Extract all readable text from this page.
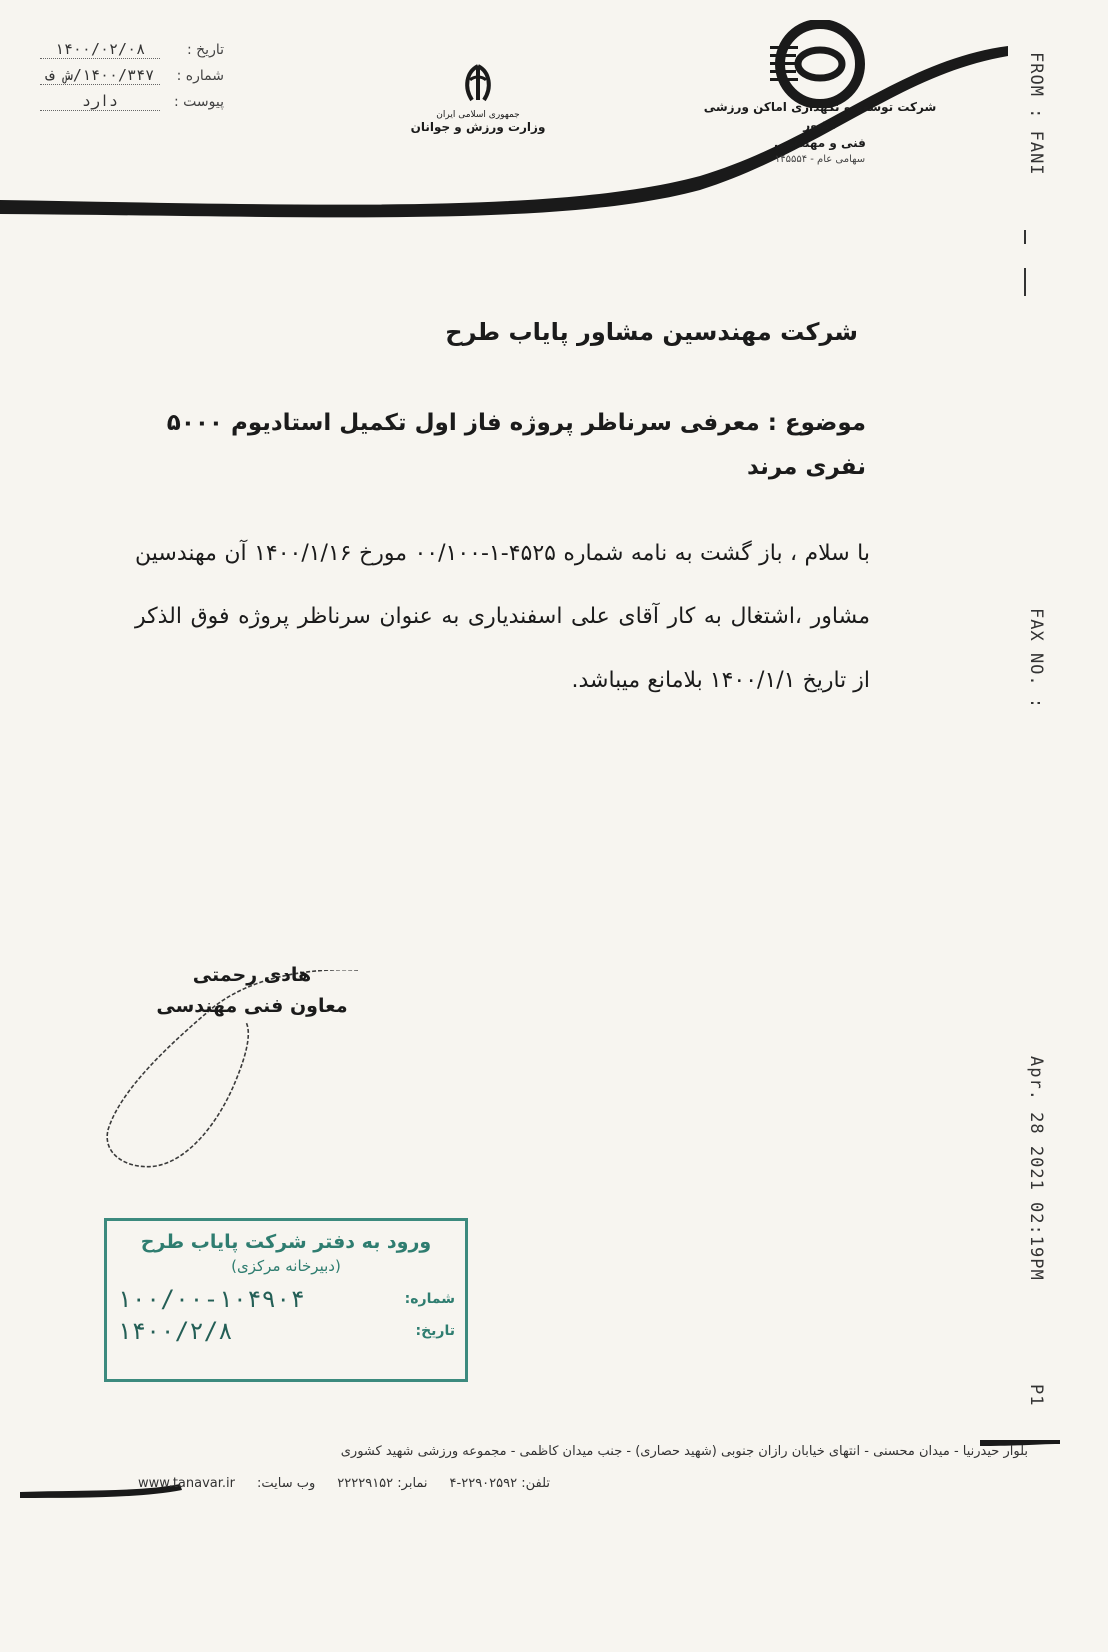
تاریخ :
۱۴۰۰/۰۲/۰۸
شماره :
۱۴۰۰/۳۴۷/ش ف
پیوست :
دارد
جمهوری اسلامی ایران
وزارت ورزش و جوانان
شرکت توسعه و نگهداری اماکن ورزشی کشور
فنی و مهندسی
سهامی عام - ۱۴۵۵۵۴	FROM : FANI
FAX NO. :
Apr. 28 2021 02:19PM
P1
شرکت مهندسین مشاور پایاب طرح
موضوع : معرفی سرناظر پروژه فاز اول تکمیل استادیوم ۵۰۰۰ نفری مرند
با سلام ، باز گشت به نامه شماره ۴۵۲۵-۱-۰۰/۱۰۰ مورخ ۱۴۰۰/۱/۱۶ آن مهندسین مشاور ،اشتغال به کار آقای علی اسفندیاری به عنوان سرناظر پروژه فوق الذکر از تاریخ ۱۴۰۰/۱/۱ بلامانع میباشد.
هادی رحمتی
معاون فنی مهندسی
ورود به دفتر شرکت پایاب طرح
(دبیرخانه مرکزی)
شماره:
۱۰۰/۰۰-۱۰۴۹۰۴
تاریخ:
۱۴۰۰/۲/۸
بلوار حیدرنیا - میدان محسنی - انتهای خیابان رازان جنوبی (شهید حصاری) - جنب میدان کاظمی - مجموعه ورزشی شهید کشوری
تلفن: ۲۲۹۰۲۵۹۲-۴
نمابر: ۲۲۲۲۹۱۵۲
وب سایت:
www.tanavar.ir
